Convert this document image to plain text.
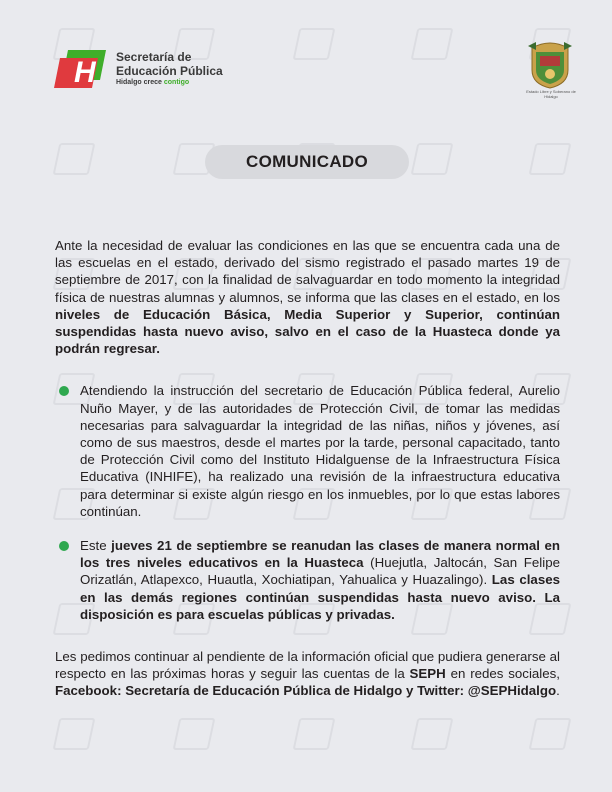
H Secretaría de
Educación Pública
Hidalgo crece contigo
Estado Libre y Soberano de Hidalgo
COMUNICADO

Ante la necesidad de evaluar las condiciones en las que se encuentra cada una de las escuelas en el estado, derivado del sismo registrado el pasado martes 19 de septiembre de 2017, con la finalidad de salvaguardar en todo momento la integridad física de nuestras alumnas y alumnos, se informa que las clases en el estado, en los niveles de Educación Básica, Media Superior y Superior, continúan suspendidas hasta nuevo aviso, salvo en el caso de la Huasteca donde ya podrán regresar.

Atendiendo la instrucción del secretario de Educación Pública federal, Aurelio Nuño Mayer, y de las autoridades de Protección Civil, de tomar las medidas necesarias para salvaguardar la integridad de las niñas, niños y jóvenes, así como de sus maestros, desde el martes por la tarde, personal capacitado, tanto de Protección Civil como del Instituto Hidalguense de la Infraestructura Física Educativa (INHIFE), ha realizado una revisión de la infraestructura educativa para determinar si existe algún riesgo en los inmuebles, por lo que estas labores continúan.
Este jueves 21 de septiembre se reanudan las clases de manera normal en los tres niveles educativos en la Huasteca (Huejutla, Jaltocán, San Felipe Orizatlán, Atlapexco, Huautla, Xochiatipan, Yahualica y Huazalingo). Las clases en las demás regiones continúan suspendidas hasta nuevo aviso. La disposición es para escuelas públicas y privadas.

Les pedimos continuar al pendiente de la información oficial que pudiera generarse al respecto en las próximas horas y seguir las cuentas de la SEPH en redes sociales, Facebook: Secretaría de Educación Pública de Hidalgo y Twitter: @SEPHidalgo.
